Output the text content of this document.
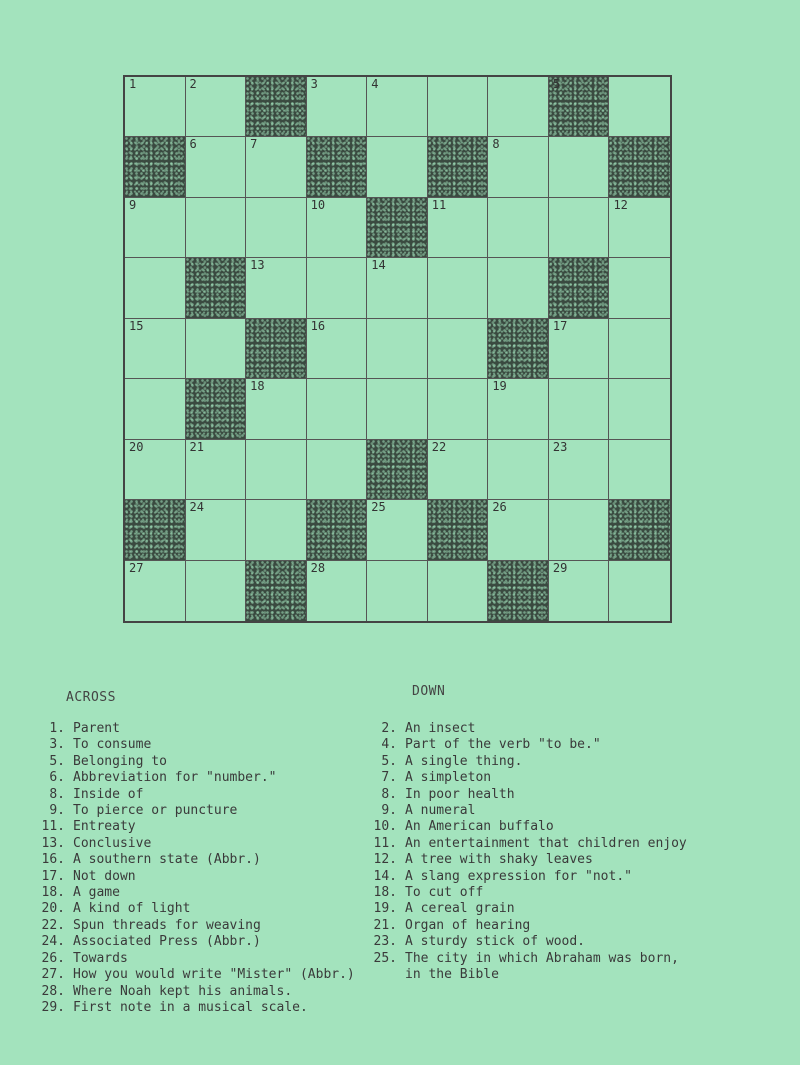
1	2	3	4	5
6	7	8
9	10	11	12
13	14
15	16	17
18	19
20	21	22	23
24	25	26
27	28	29
ACROSS
1. Parent
3. To consume
5. Belonging to
6. Abbreviation for "number."
8. Inside of
9. To pierce or puncture
11. Entreaty
13. Conclusive
16. A southern state (Abbr.)
17. Not down
18. A game
20. A kind of light
22. Spun threads for weaving
24. Associated Press (Abbr.)
26. Towards
27. How you would write "Mister" (Abbr.)
28. Where Noah kept his animals.
29. First note in a musical scale.
DOWN
2. An insect
4. Part of the verb "to be."
5. A single thing.
7. A simpleton
8. In poor health
9. A numeral
10. An American buffalo
11. An entertainment that children enjoy
12. A tree with shaky leaves
14. A slang expression for "not."
18. To cut off
19. A cereal grain
21. Organ of hearing
23. A sturdy stick of wood.
25. The city in which Abraham was born,
in the Bible
